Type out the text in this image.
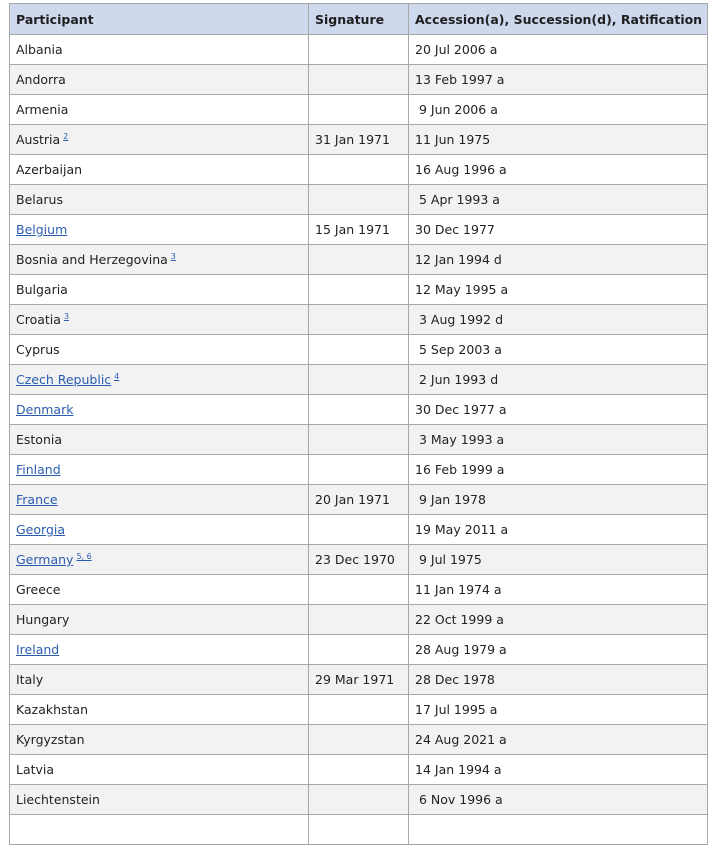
Participant	Signature	Accession(a), Succession(d), Ratification
Albania		20 Jul 2006 a
Andorra		13 Feb 1997 a
Armenia		9 Jun 2006 a
Austria $^2$	31 Jan 1971	11 Jun 1975
Azerbaijan		16 Aug 1996 a
Belarus		5 Apr 1993 a
Belgium	15 Jan 1971	30 Dec 1977
Bosnia and Herzegovina $^3$		12 Jan 1994 d
Bulgaria		12 May 1995 a
Croatia $^3$		3 Aug 1992 d
Cyprus		5 Sep 2003 a
Czech Republic $^4$		2 Jun 1993 d
Denmark		30 Dec 1977 a
Estonia		3 May 1993 a
Finland		16 Feb 1999 a
France	20 Jan 1971	9 Jan 1978
Georgia		19 May 2011 a
Germany $^{5, 6}$	23 Dec 1970	9 Jul 1975
Greece		11 Jan 1974 a
Hungary		22 Oct 1999 a
Ireland		28 Aug 1979 a
Italy	29 Mar 1971	28 Dec 1978
Kazakhstan		17 Jul 1995 a
Kyrgyzstan		24 Aug 2021 a
Latvia		14 Jan 1994 a
Liechtenstein		6 Nov 1996 a
